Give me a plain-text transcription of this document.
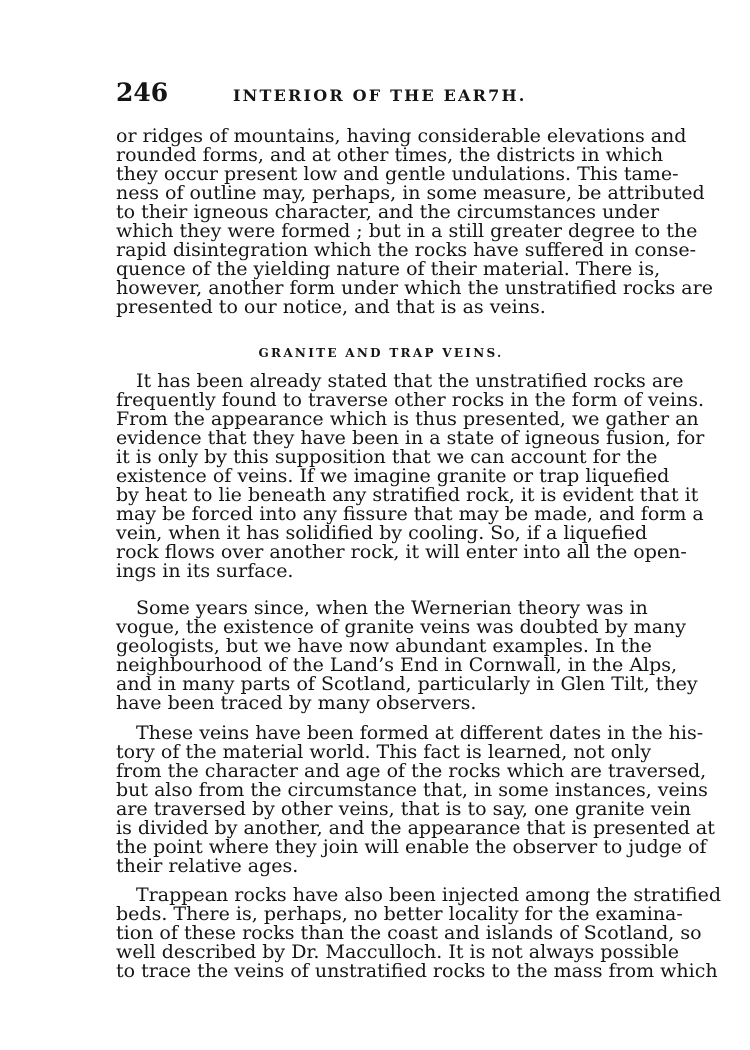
246	INTERIOR OF THE EAR7H.
or ridges of mountains, having considerable elevations and
rounded forms, and at other times, the districts in which
they occur present low and gentle undulations. This tame-
ness of outline may, perhaps, in some measure, be attributed
to their igneous character, and the circumstances under
which they were formed ; but in a still greater degree to the
rapid disintegration which the rocks have suffered in conse-
quence of the yielding nature of their material. There is,
however, another form under which the unstratified rocks are
presented to our notice, and that is as veins.
GRANITE AND TRAP VEINS.
It has been already stated that the unstratified rocks are
frequently found to traverse other rocks in the form of veins.
From the appearance which is thus presented, we gather an
evidence that they have been in a state of igneous fusion, for
it is only by this supposition that we can account for the
existence of veins. If we imagine granite or trap liquefied
by heat to lie beneath any stratified rock, it is evident that it
may be forced into any fissure that may be made, and form a
vein, when it has solidified by cooling. So, if a liquefied
rock flows over another rock, it will enter into all the open-
ings in its surface.
Some years since, when the Wernerian theory was in
vogue, the existence of granite veins was doubted by many
geologists, but we have now abundant examples. In the
neighbourhood of the Land’s End in Cornwall, in the Alps,
and in many parts of Scotland, particularly in Glen Tilt, they
have been traced by many observers.
These veins have been formed at different dates in the his-
tory of the material world. This fact is learned, not only
from the character and age of the rocks which are traversed,
but also from the circumstance that, in some instances, veins
are traversed by other veins, that is to say, one granite vein
is divided by another, and the appearance that is presented at
the point where they join will enable the observer to judge of
their relative ages.
Trappean rocks have also been injected among the stratified
beds. There is, perhaps, no better locality for the examina-
tion of these rocks than the coast and islands of Scotland, so
well described by Dr. Macculloch. It is not always possible
to trace the veins of unstratified rocks to the mass from which
